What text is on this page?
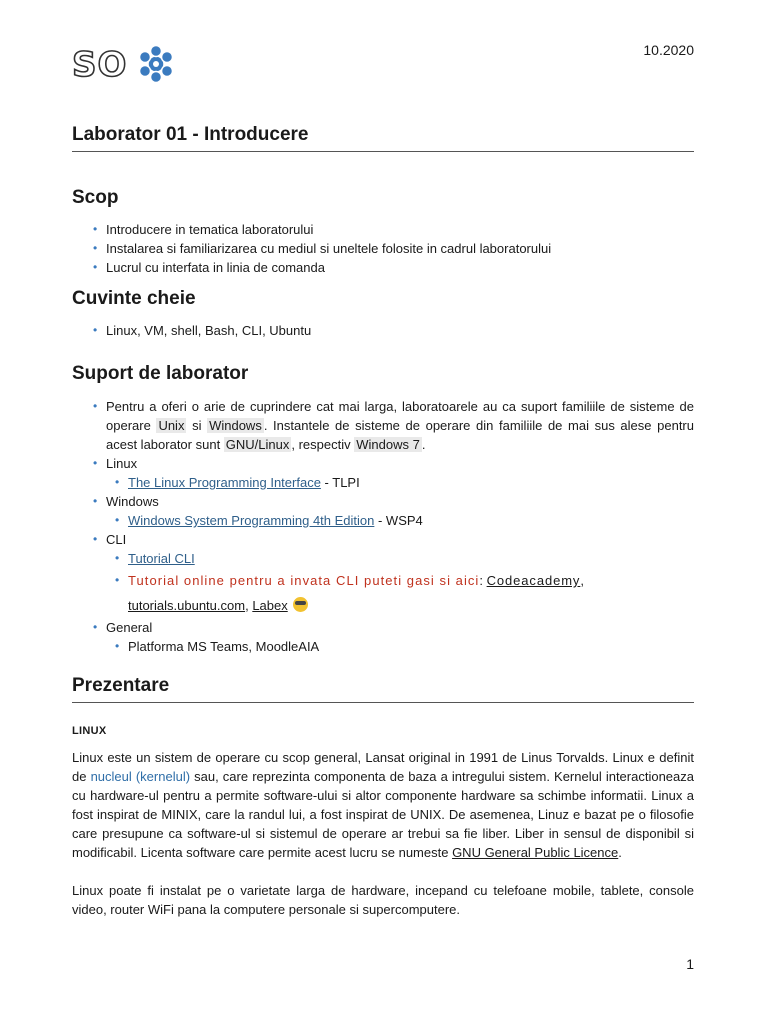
SO	10.2020
Laborator 01 - Introducere
Scop
• Introducere in tematica laboratorului
• Instalarea si familiarizarea cu mediul si uneltele folosite in cadrul laboratorului
• Lucrul cu interfata in linia de comanda
Cuvinte cheie
• Linux, VM, shell, Bash, CLI, Ubuntu
Suport de laborator
• Pentru a oferi o arie de cuprindere cat mai larga, laboratoarele au ca suport familiile de sisteme de operare Unix si Windows . Instantele de sisteme de operare din familiile de mai sus alese pentru acest laborator sunt GNU/Linux , respectiv Windows 7 .
• Linux
• The Linux Programming Interface - TLPI
• Windows
• Windows System Programming 4th Edition - WSP4
• CLI
• Tutorial CLI
• Tutorial online pentru a invata CLI puteti gasi si aici: Codeacademy,
tutorials.ubuntu.com, Labex
• General
• Platforma MS Teams, MoodleAIA
Prezentare
LINUX

Linux este un sistem de operare cu scop general, Lansat original in 1991 de Linus Torvalds. Linux e definit de nucleul (kernelul) sau, care reprezinta componenta de baza a intregului sistem. Kernelul interactioneaza cu hardware-ul pentru a permite software-ului si altor componente hardware sa schimbe informatii. Linux a fost inspirat de MINIX, care la randul lui, a fost inspirat de UNIX. De asemenea, Linuz e bazat pe o filosofie care presupune ca software-ul si sistemul de operare ar trebui sa fie liber. Liber in sensul de disponibil si modificabil. Licenta software care permite acest lucru se numeste GNU General Public Licence.

Linux poate fi instalat pe o varietate larga de hardware, incepand cu telefoane mobile, tablete, console video, router WiFi pana la computere personale si supercomputere.

1
